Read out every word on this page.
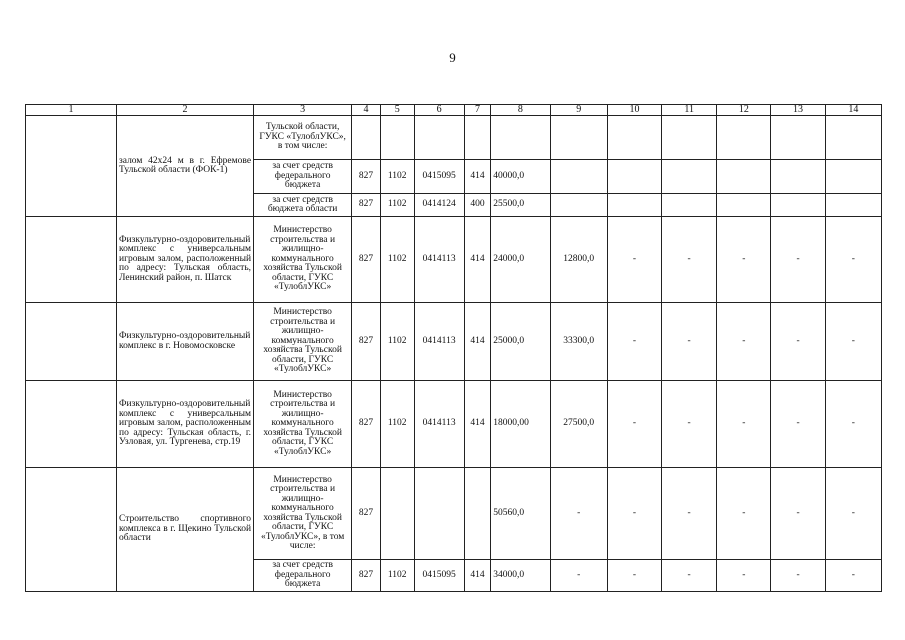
9
1	2	3	4	5	6	7	8	9	10	11	12	13	14
	залом 42х24 м в г. Ефремове Тульской области (ФОК-1)	Тульской области, ГУКС «ТулоблУКС», в том числе:											
		за счет средств федерального бюджета	827	1102	0415095	414	40000,0						
		за счет средств бюджета области	827	1102	0414124	400	25500,0						
	Физкультурно-оздоровительный комплекс с универсальным игровым залом, расположенный по адресу: Тульская область, Ленинский район, п. Шатск	Министерство строительства и жилищно-коммунального хозяйства Тульской области, ГУКС «ТулоблУКС»	827	1102	0414113	414	24000,0	12800,0	-	-	-	-	-
	Физкультурно-оздоровительный комплекс в г. Новомосковске	Министерство строительства и жилищно-коммунального хозяйства Тульской области, ГУКС «ТулоблУКС»	827	1102	0414113	414	25000,0	33300,0	-	-	-	-	-
	Физкультурно-оздоровительный комплекс с универсальным игровым залом, расположенным по адресу: Тульская область, г. Узловая, ул. Тургенева, стр.19	Министерство строительства и жилищно-коммунального хозяйства Тульской области, ГУКС «ТулоблУКС»	827	1102	0414113	414	18000,00	27500,0	-	-	-	-	-
	Строительство спортивного комплекса в г. Щекино Тульской области	Министерство строительства и жилищно-коммунального хозяйства Тульской области, ГУКС «ТулоблУКС», в том числе:	827				50560,0	-	-	-	-	-	-
		за счет средств федерального бюджета	827	1102	0415095	414	34000,0	-	-	-	-	-	-
